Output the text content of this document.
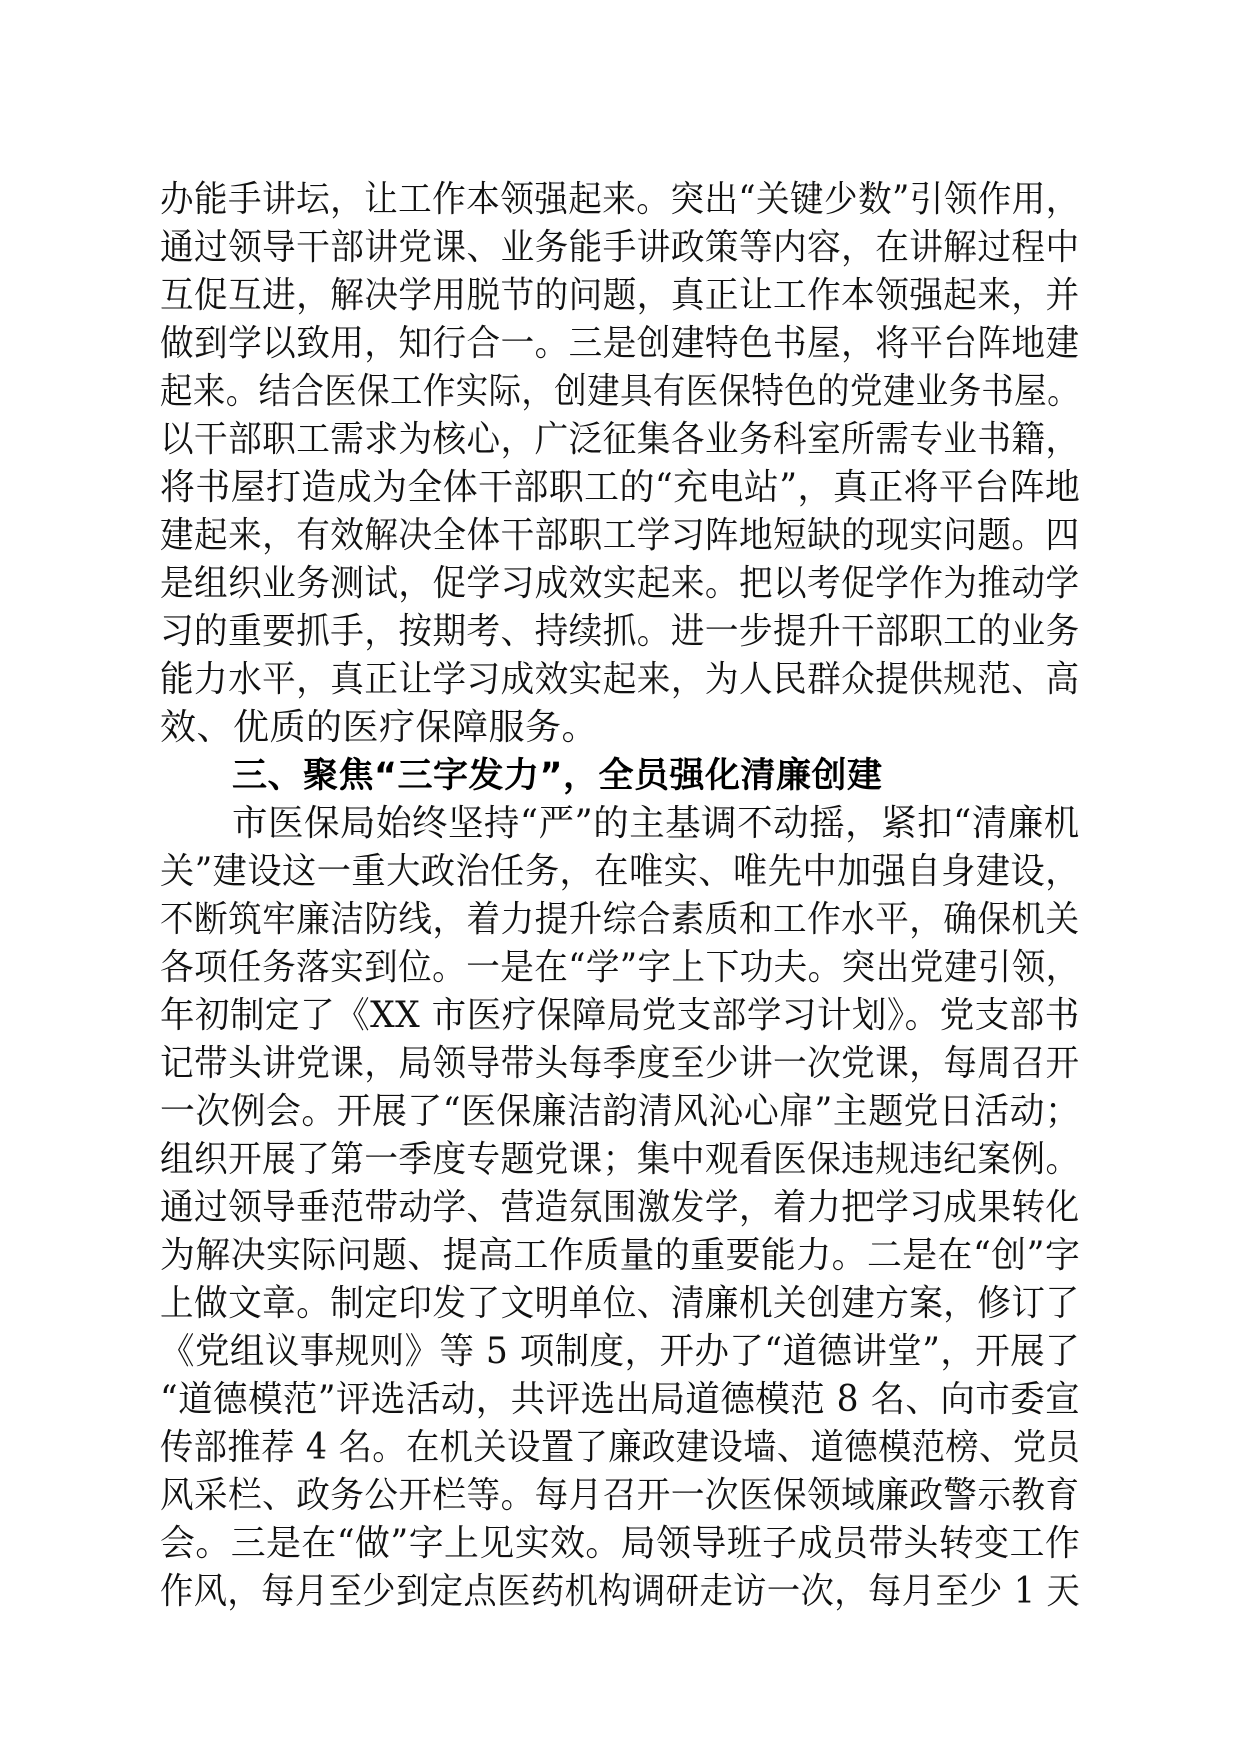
办能手讲坛，让工作本领强起来。突出“关键少数”引领作用，
通过领导干部讲党课、业务能手讲政策等内容，在讲解过程中
互促互进，解决学用脱节的问题，真正让工作本领强起来，并
做到学以致用，知行合一。三是创建特色书屋，将平台阵地建
起来。结合医保工作实际，创建具有医保特色的党建业务书屋。
以干部职工需求为核心，广泛征集各业务科室所需专业书籍，
将书屋打造成为全体干部职工的“充电站”，真正将平台阵地
建起来，有效解决全体干部职工学习阵地短缺的现实问题。四
是组织业务测试，促学习成效实起来。把以考促学作为推动学
习的重要抓手，按期考、持续抓。进一步提升干部职工的业务
能力水平，真正让学习成效实起来，为人民群众提供规范、高
效、优质的医疗保障服务。
三、聚焦“三字发力”，全员强化清廉创建
市医保局始终坚持“严”的主基调不动摇，紧扣“清廉机
关”建设这一重大政治任务，在唯实、唯先中加强自身建设，
不断筑牢廉洁防线，着力提升综合素质和工作水平，确保机关
各项任务落实到位。一是在“学”字上下功夫。突出党建引领，
年初制定了《XX 市医疗保障局党支部学习计划》。党支部书
记带头讲党课，局领导带头每季度至少讲一次党课，每周召开
一次例会。开展了“医保廉洁韵清风沁心扉”主题党日活动；
组织开展了第一季度专题党课；集中观看医保违规违纪案例。
通过领导垂范带动学、营造氛围激发学，着力把学习成果转化
为解决实际问题、提高工作质量的重要能力。二是在“创”字
上做文章。制定印发了文明单位、清廉机关创建方案，修订了
《党组议事规则》等 5 项制度，开办了“道德讲堂”，开展了
“道德模范”评选活动，共评选出局道德模范 8 名、向市委宣
传部推荐 4 名。在机关设置了廉政建设墙、道德模范榜、党员
风采栏、政务公开栏等。每月召开一次医保领域廉政警示教育
会。三是在“做”字上见实效。局领导班子成员带头转变工作
作风，每月至少到定点医药机构调研走访一次，每月至少 1 天
